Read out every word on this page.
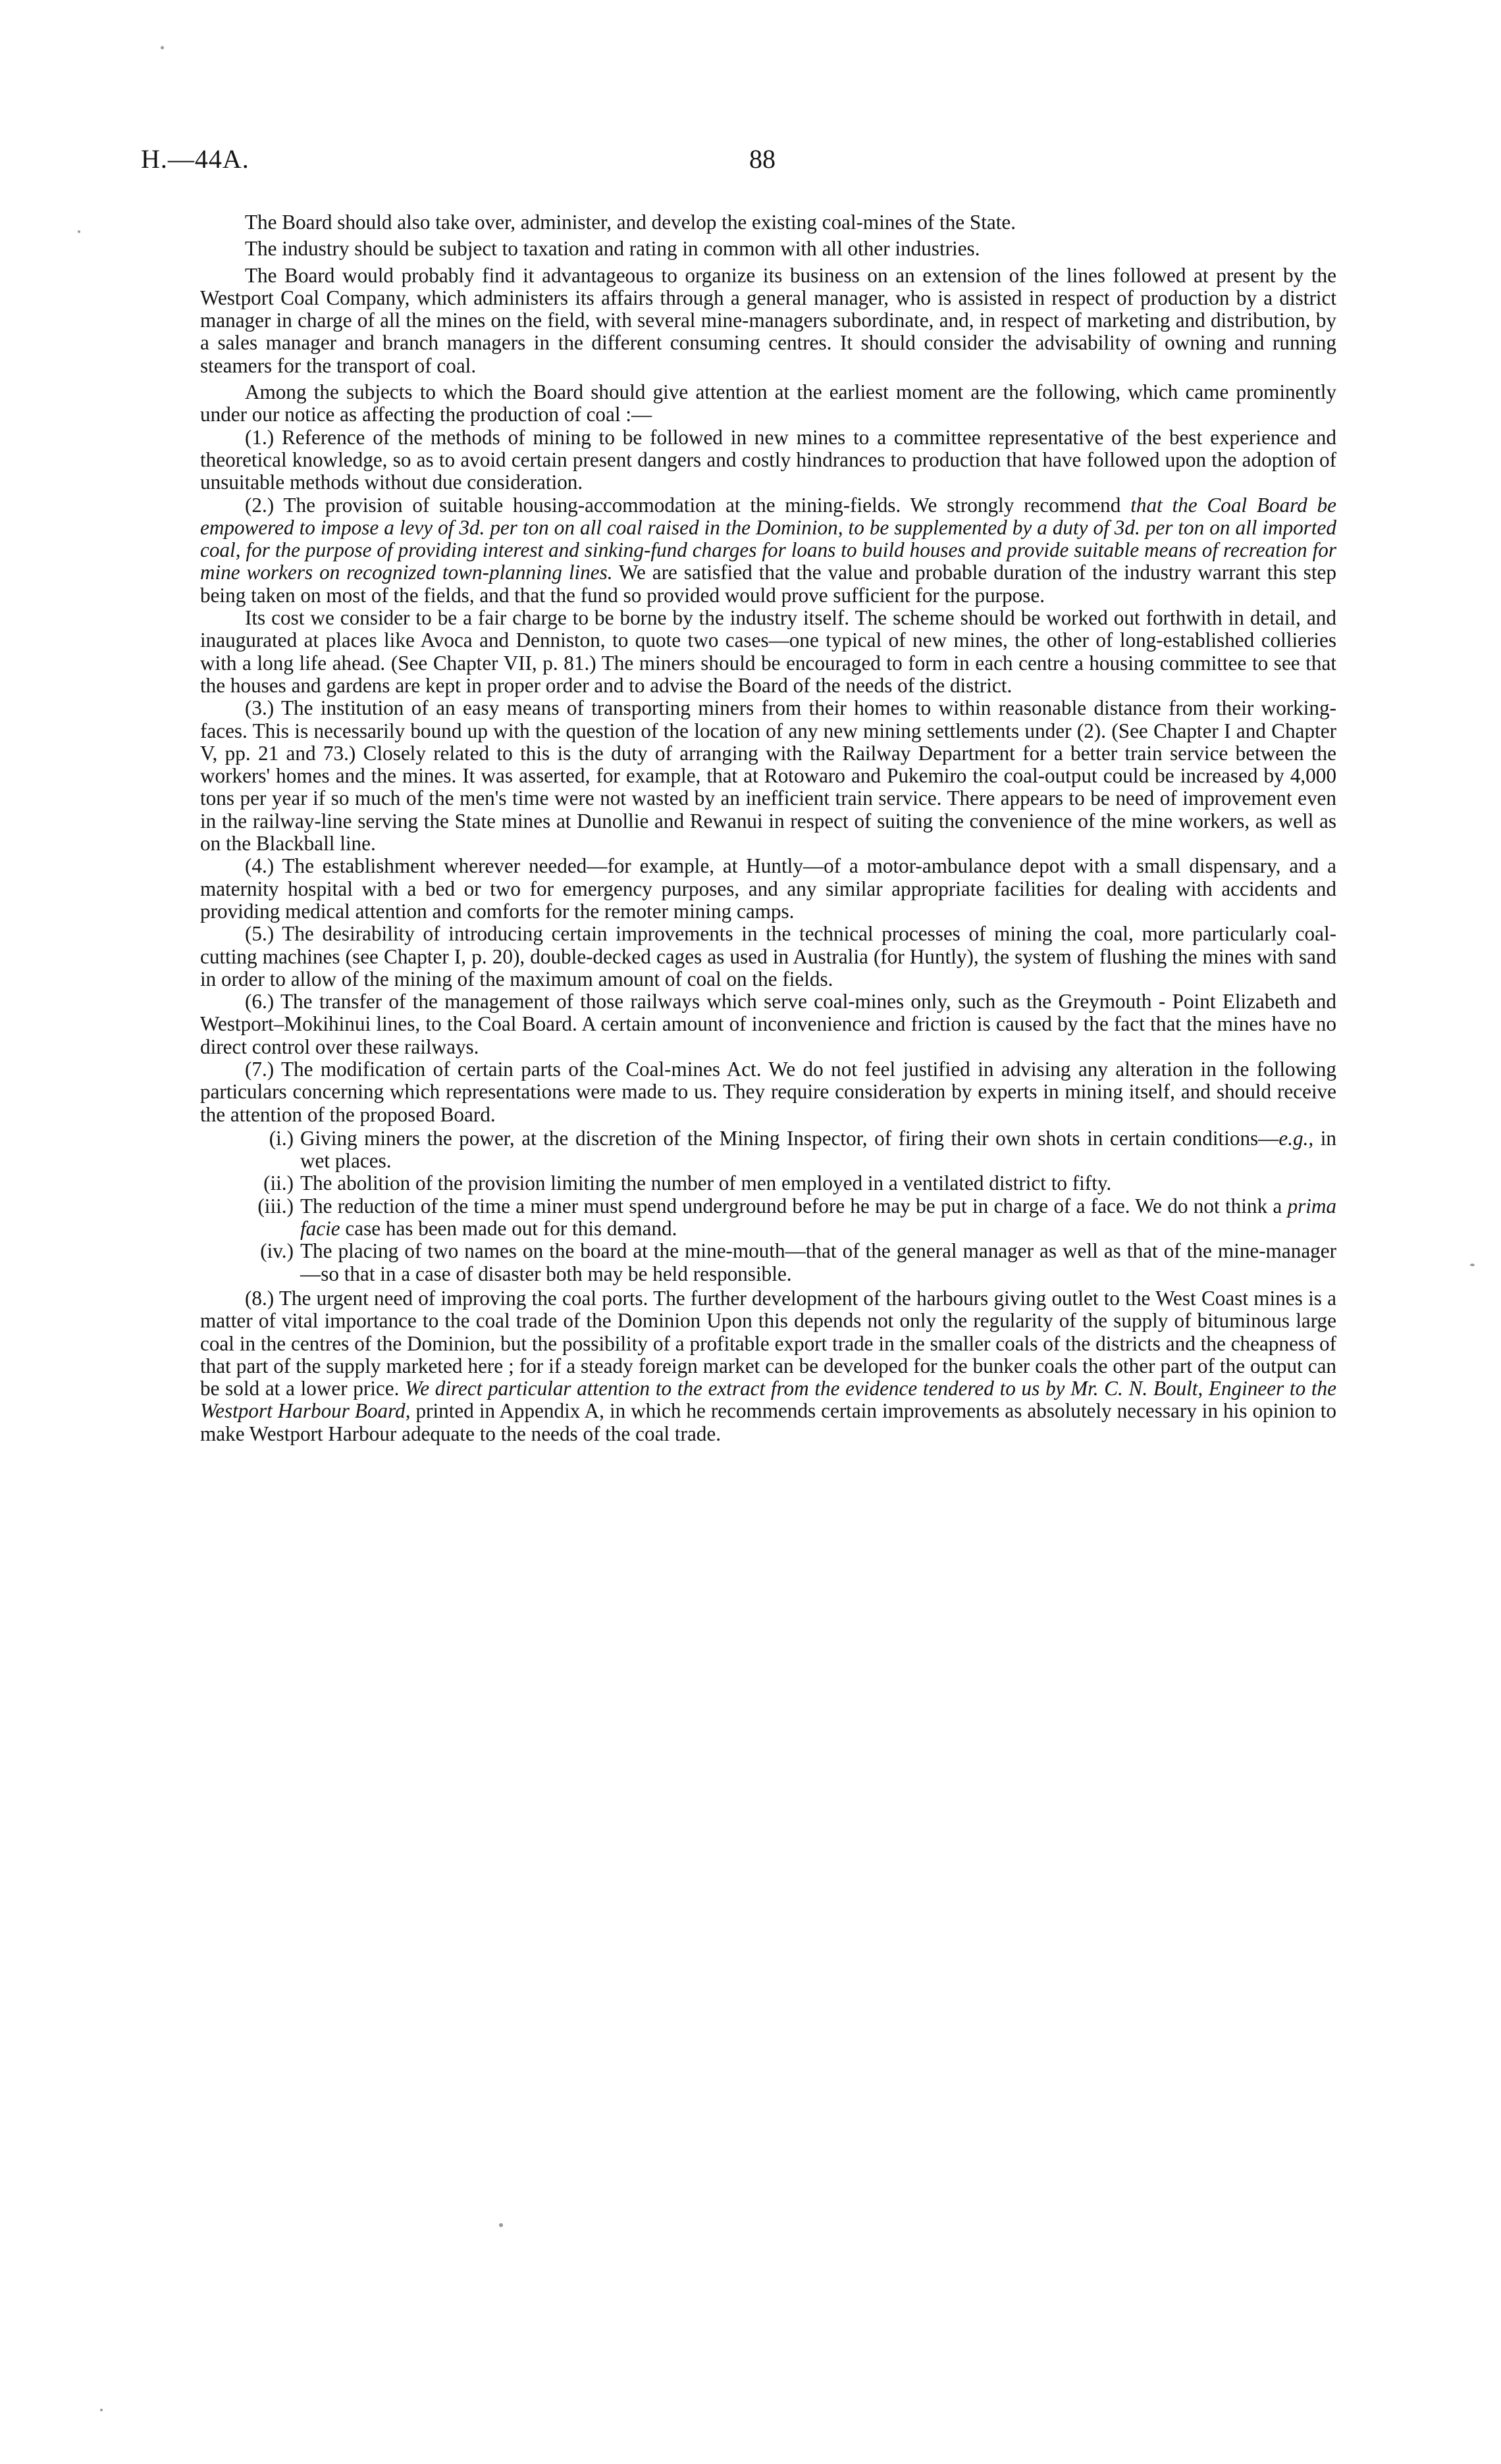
H.—44A.	88

The Board should also take over, administer, and develop the existing coal-mines of the State.

The industry should be subject to taxation and rating in common with all other industries.

The Board would probably find it advantageous to organize its business on an extension of the lines followed at present by the Westport Coal Company, which administers its affairs through a general manager, who is assisted in respect of production by a district manager in charge of all the mines on the field, with several mine-managers subordinate, and, in respect of marketing and distribution, by a sales manager and branch managers in the different consuming centres. It should consider the advisability of owning and running steamers for the transport of coal.

Among the subjects to which the Board should give attention at the earliest moment are the following, which came prominently under our notice as affecting the production of coal :—

(1.) Reference of the methods of mining to be followed in new mines to a committee representative of the best experience and theoretical knowledge, so as to avoid certain present dangers and costly hindrances to production that have followed upon the adoption of unsuitable methods without due consideration.

(2.) The provision of suitable housing-accommodation at the mining-fields. We strongly recommend that the Coal Board be empowered to impose a levy of 3d. per ton on all coal raised in the Dominion, to be supplemented by a duty of 3d. per ton on all imported coal, for the purpose of providing interest and sinking-fund charges for loans to build houses and provide suitable means of recreation for mine workers on recognized town-planning lines. We are satisfied that the value and probable duration of the industry warrant this step being taken on most of the fields, and that the fund so provided would prove sufficient for the purpose.

Its cost we consider to be a fair charge to be borne by the industry itself. The scheme should be worked out forthwith in detail, and inaugurated at places like Avoca and Denniston, to quote two cases—one typical of new mines, the other of long-established collieries with a long life ahead. (See Chapter VII, p. 81.) The miners should be encouraged to form in each centre a housing committee to see that the houses and gardens are kept in proper order and to advise the Board of the needs of the district.

(3.) The institution of an easy means of transporting miners from their homes to within reasonable distance from their working-faces. This is necessarily bound up with the question of the location of any new mining settlements under (2). (See Chapter I and Chapter V, pp. 21 and 73.) Closely related to this is the duty of arranging with the Railway Department for a better train service between the workers' homes and the mines. It was asserted, for example, that at Rotowaro and Pukemiro the coal-output could be increased by 4,000 tons per year if so much of the men's time were not wasted by an inefficient train service. There appears to be need of improvement even in the railway-line serving the State mines at Dunollie and Rewanui in respect of suiting the convenience of the mine workers, as well as on the Blackball line.

(4.) The establishment wherever needed—for example, at Huntly—of a motor-ambulance depot with a small dispensary, and a maternity hospital with a bed or two for emergency purposes, and any similar appropriate facilities for dealing with accidents and providing medical attention and comforts for the remoter mining camps.

(5.) The desirability of introducing certain improvements in the technical processes of mining the coal, more particularly coal-cutting machines (see Chapter I, p. 20), double-decked cages as used in Australia (for Huntly), the system of flushing the mines with sand in order to allow of the mining of the maximum amount of coal on the fields.

(6.) The transfer of the management of those railways which serve coal-mines only, such as the Greymouth - Point Elizabeth and Westport–Mokihinui lines, to the Coal Board. A certain amount of inconvenience and friction is caused by the fact that the mines have no direct control over these railways.

(7.) The modification of certain parts of the Coal-mines Act. We do not feel justified in advising any alteration in the following particulars concerning which representations were made to us. They require consideration by experts in mining itself, and should receive the attention of the proposed Board.

(i.) Giving miners the power, at the discretion of the Mining Inspector, of firing their own shots in certain conditions—e.g., in wet places.
(ii.) The abolition of the provision limiting the number of men employed in a ventilated district to fifty.
(iii.) The reduction of the time a miner must spend underground before he may be put in charge of a face. We do not think a prima facie case has been made out for this demand.
(iv.) The placing of two names on the board at the mine-mouth—that of the general manager as well as that of the mine-manager—so that in a case of disaster both may be held responsible.

(8.) The urgent need of improving the coal ports. The further development of the harbours giving outlet to the West Coast mines is a matter of vital importance to the coal trade of the Dominion Upon this depends not only the regularity of the supply of bituminous large coal in the centres of the Dominion, but the possibility of a profitable export trade in the smaller coals of the districts and the cheapness of that part of the supply marketed here ; for if a steady foreign market can be developed for the bunker coals the other part of the output can be sold at a lower price. We direct particular attention to the extract from the evidence tendered to us by Mr. C. N. Boult, Engineer to the Westport Harbour Board, printed in Appendix A, in which he recommends certain improvements as absolutely necessary in his opinion to make Westport Harbour adequate to the needs of the coal trade.
